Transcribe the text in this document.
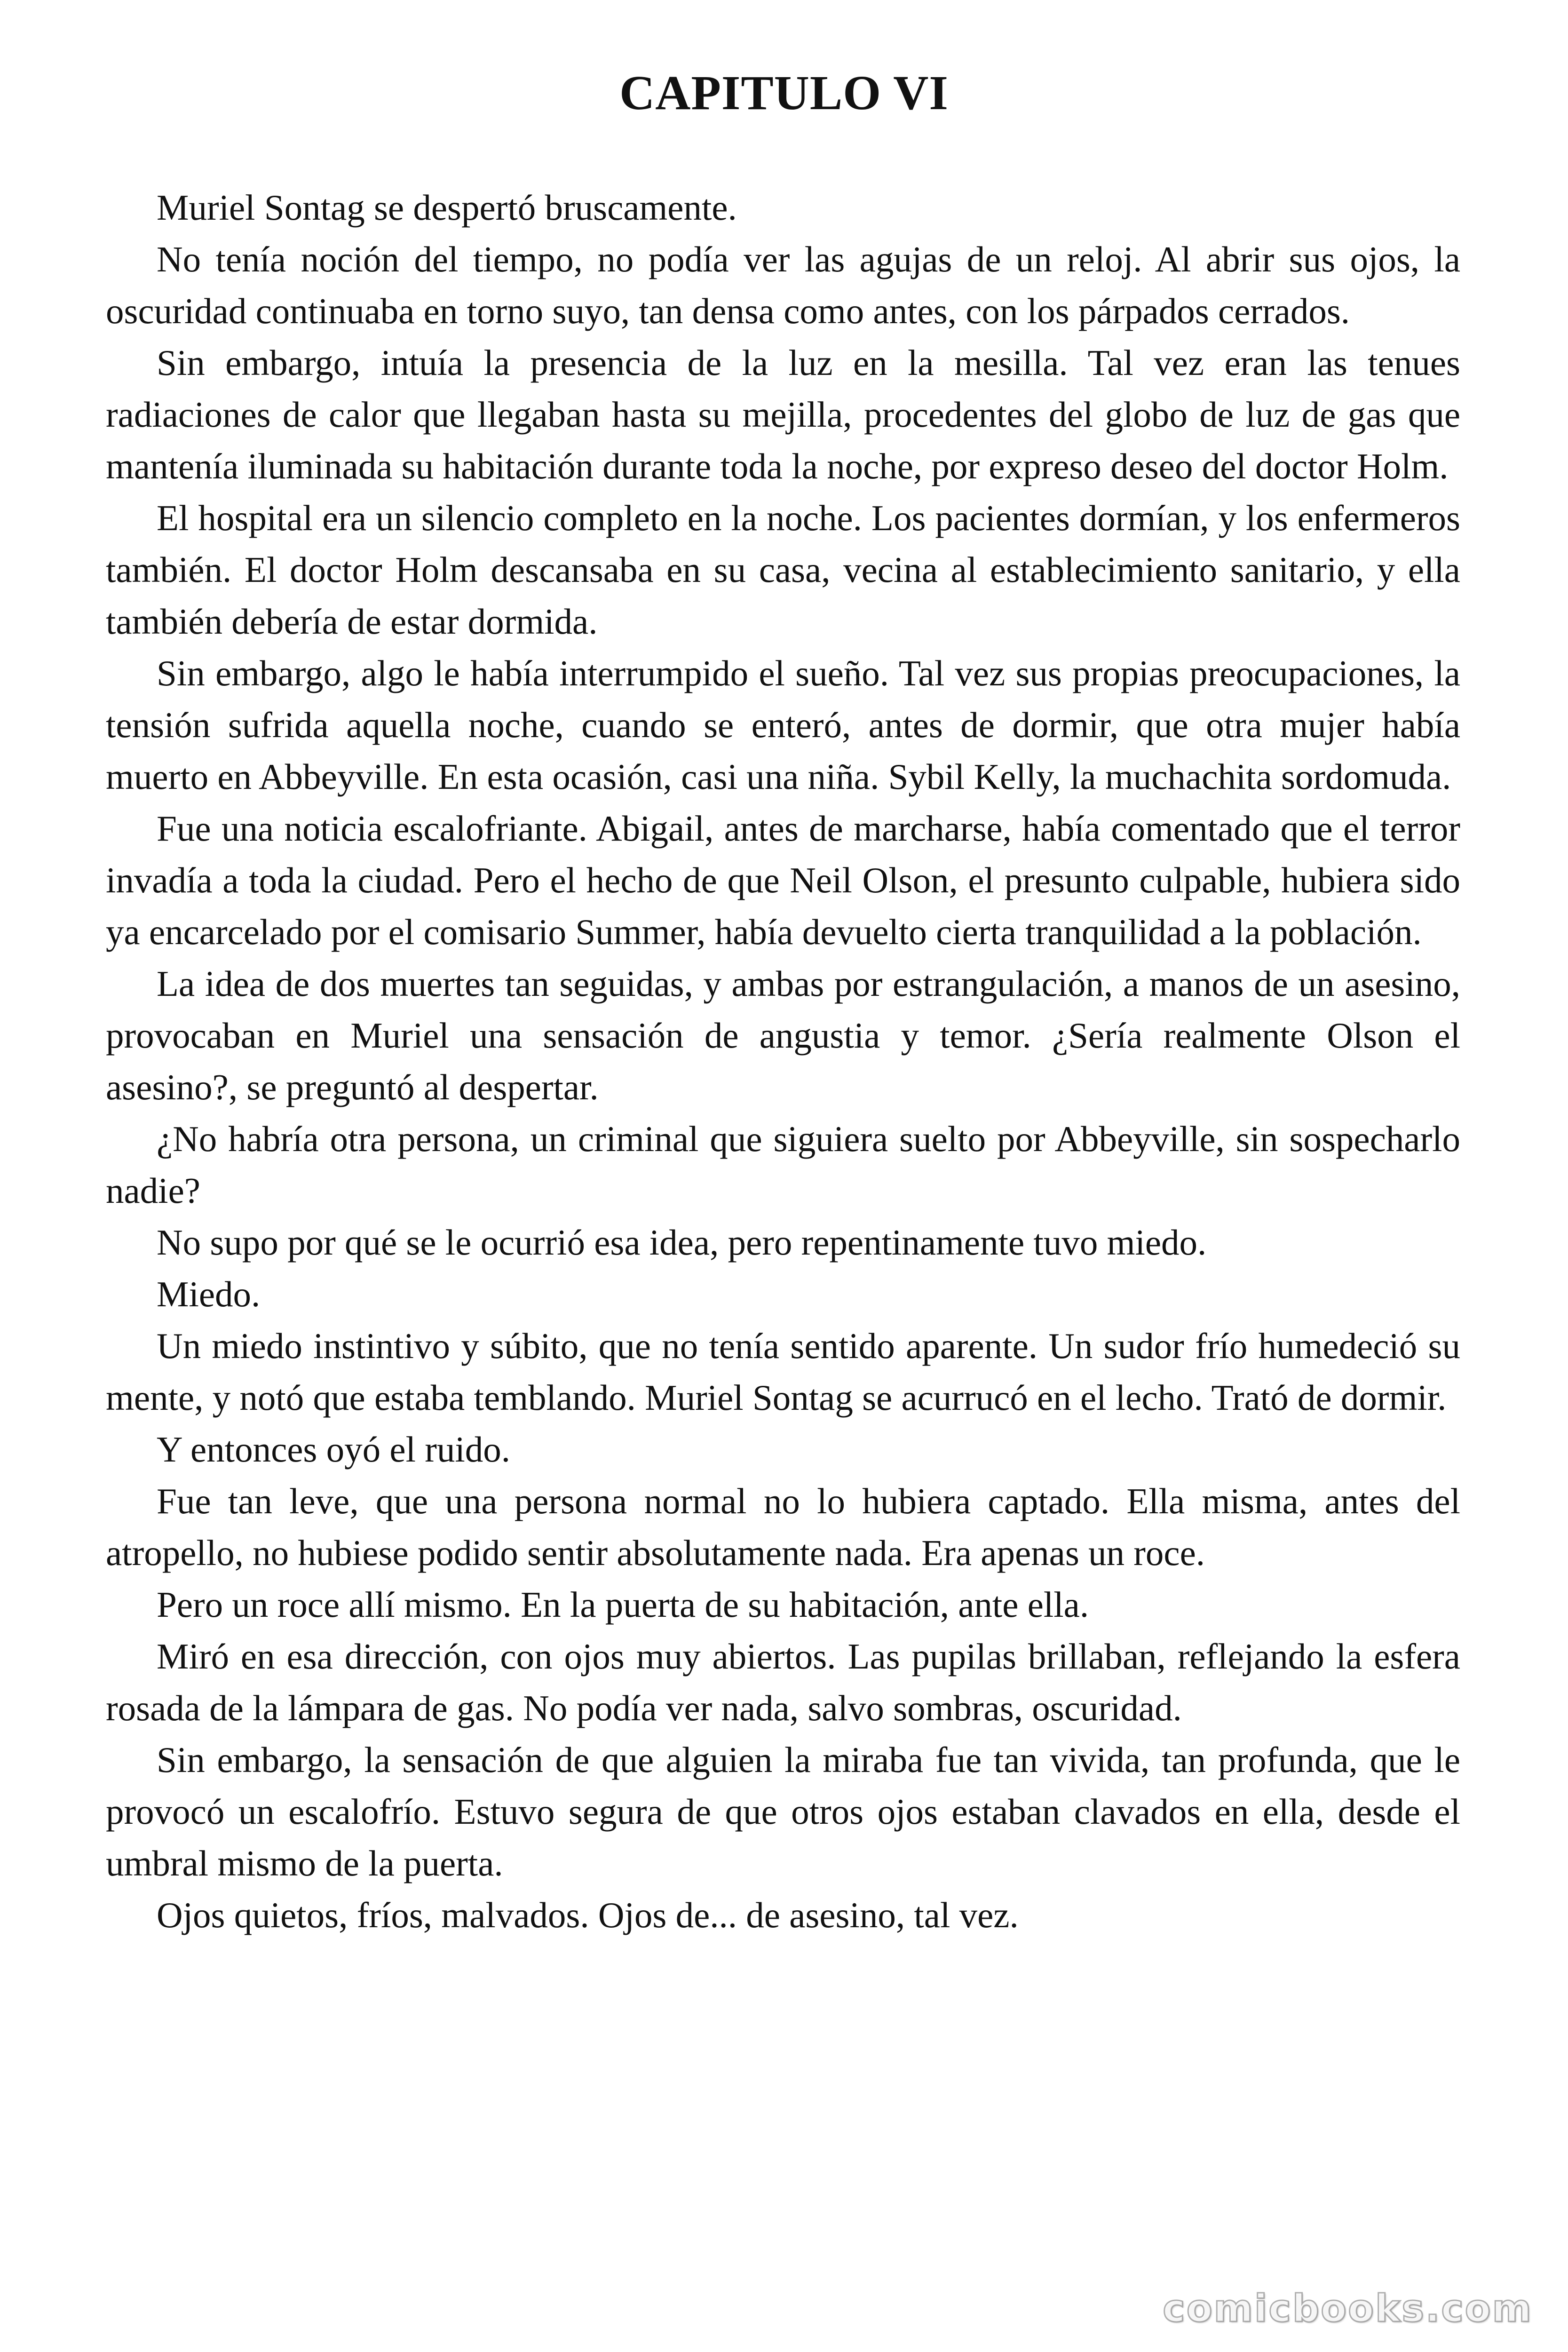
CAPITULO VI

Muriel Sontag se despertó bruscamente.

No tenía noción del tiempo, no podía ver las agujas de un reloj. Al abrir sus ojos, la oscuridad continuaba en torno suyo, tan densa como antes, con los párpados cerrados.

Sin embargo, intuía la presencia de la luz en la mesilla. Tal vez eran las tenues radiaciones de calor que llegaban hasta su mejilla, procedentes del globo de luz de gas que mantenía iluminada su habitación durante toda la noche, por expreso deseo del doctor Holm.

El hospital era un silencio completo en la noche. Los pacientes dormían, y los enfermeros también. El doctor Holm descansaba en su casa, vecina al establecimiento sanitario, y ella también debería de estar dormida.

Sin embargo, algo le había interrumpido el sueño. Tal vez sus propias preocupaciones, la tensión sufrida aquella noche, cuando se enteró, antes de dormir, que otra mujer había muerto en Abbeyville. En esta ocasión, casi una niña. Sybil Kelly, la muchachita sordomuda.

Fue una noticia escalofriante. Abigail, antes de marcharse, había comentado que el terror invadía a toda la ciudad. Pero el hecho de que Neil Olson, el presunto culpable, hubiera sido ya encarcelado por el comisario Summer, había devuelto cierta tranquilidad a la población.

La idea de dos muertes tan seguidas, y ambas por estrangulación, a manos de un asesino, provocaban en Muriel una sensación de angustia y temor. ¿Sería realmente Olson el asesino?, se preguntó al despertar.

¿No habría otra persona, un criminal que siguiera suelto por Abbeyville, sin sospecharlo nadie?

No supo por qué se le ocurrió esa idea, pero repentinamente tuvo miedo.

Miedo.

Un miedo instintivo y súbito, que no tenía sentido aparente. Un sudor frío humedeció su mente, y notó que estaba temblando. Muriel Sontag se acurrucó en el lecho. Trató de dormir.

Y entonces oyó el ruido.

Fue tan leve, que una persona normal no lo hubiera captado. Ella misma, antes del atropello, no hubiese podido sentir absolutamente nada. Era apenas un roce.

Pero un roce allí mismo. En la puerta de su habitación, ante ella.

Miró en esa dirección, con ojos muy abiertos. Las pupilas brillaban, reflejando la esfera rosada de la lámpara de gas. No podía ver nada, salvo sombras, oscuridad.

Sin embargo, la sensación de que alguien la miraba fue tan vivida, tan profunda, que le provocó un escalofrío. Estuvo segura de que otros ojos estaban clavados en ella, desde el umbral mismo de la puerta.

Ojos quietos, fríos, malvados. Ojos de... de asesino, tal vez.

comicbooks.com
